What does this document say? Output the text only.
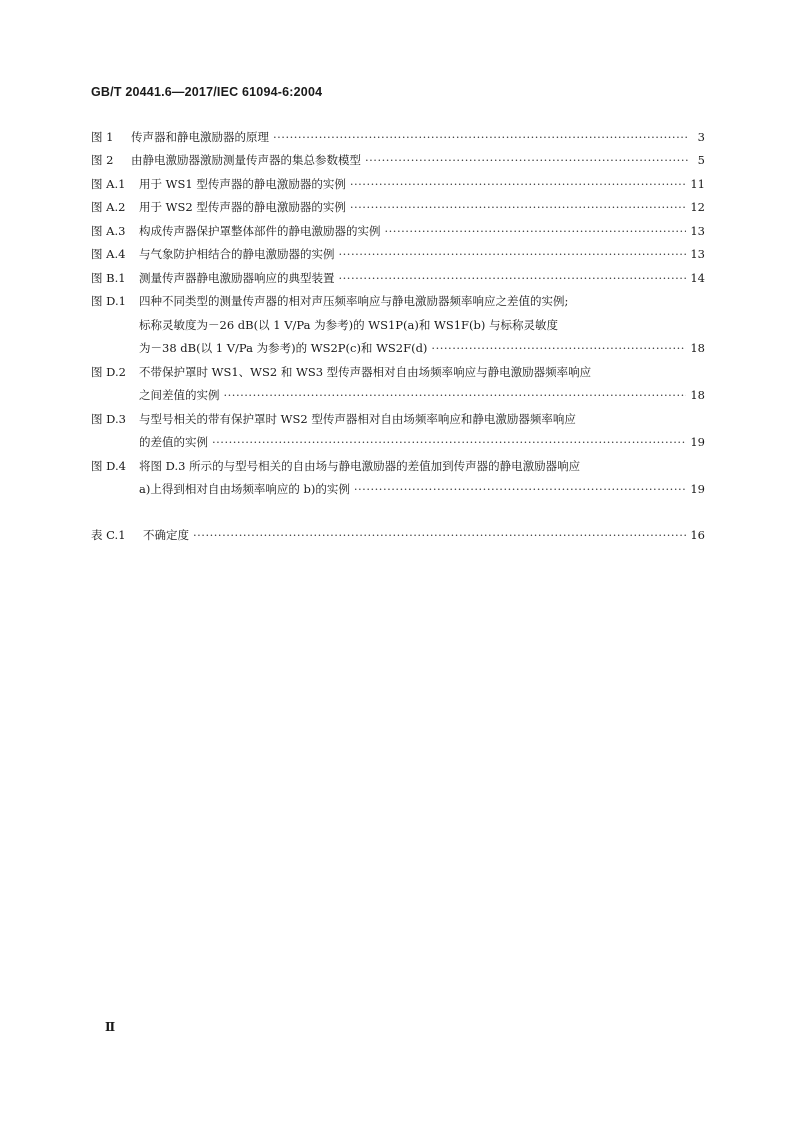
GB/T 20441.6—2017/IEC 61094-6:2004
图 1	传声器和静电激励器的原理 ·····	3
图 2	由静电激励器激励测量传声器的集总参数模型 ·····	5
图 A.1	用于 WS1 型传声器的静电激励器的实例 ·····	11
图 A.2	用于 WS2 型传声器的静电激励器的实例 ·····	12
图 A.3	构成传声器保护罩整体部件的静电激励器的实例 ·····	13
图 A.4	与气象防护相结合的静电激励器的实例 ·····	13
图 B.1	测量传声器静电激励器响应的典型装置 ·····	14
图 D.1	四种不同类型的测量传声器的相对声压频率响应与静电激励器频率响应之差值的实例;
标称灵敏度为－26 dB(以 1 V/Pa 为参考)的 WS1P(a)和 WS1F(b) 与标称灵敏度
为－38 dB(以 1 V/Pa 为参考)的 WS2P(c)和 WS2F(d) ·····	18
图 D.2	不带保护罩时 WS1、WS2 和 WS3 型传声器相对自由场频率响应与静电激励器频率响应
之间差值的实例 ·····	18
图 D.3	与型号相关的带有保护罩时 WS2 型传声器相对自由场频率响应和静电激励器频率响应
的差值的实例 ·····	19
图 D.4	将图 D.3 所示的与型号相关的自由场与静电激励器的差值加到传声器的静电激励器响应
a)上得到相对自由场频率响应的 b)的实例 ·····	19
表 C.1	不确定度 ·····	16
Ⅱ
